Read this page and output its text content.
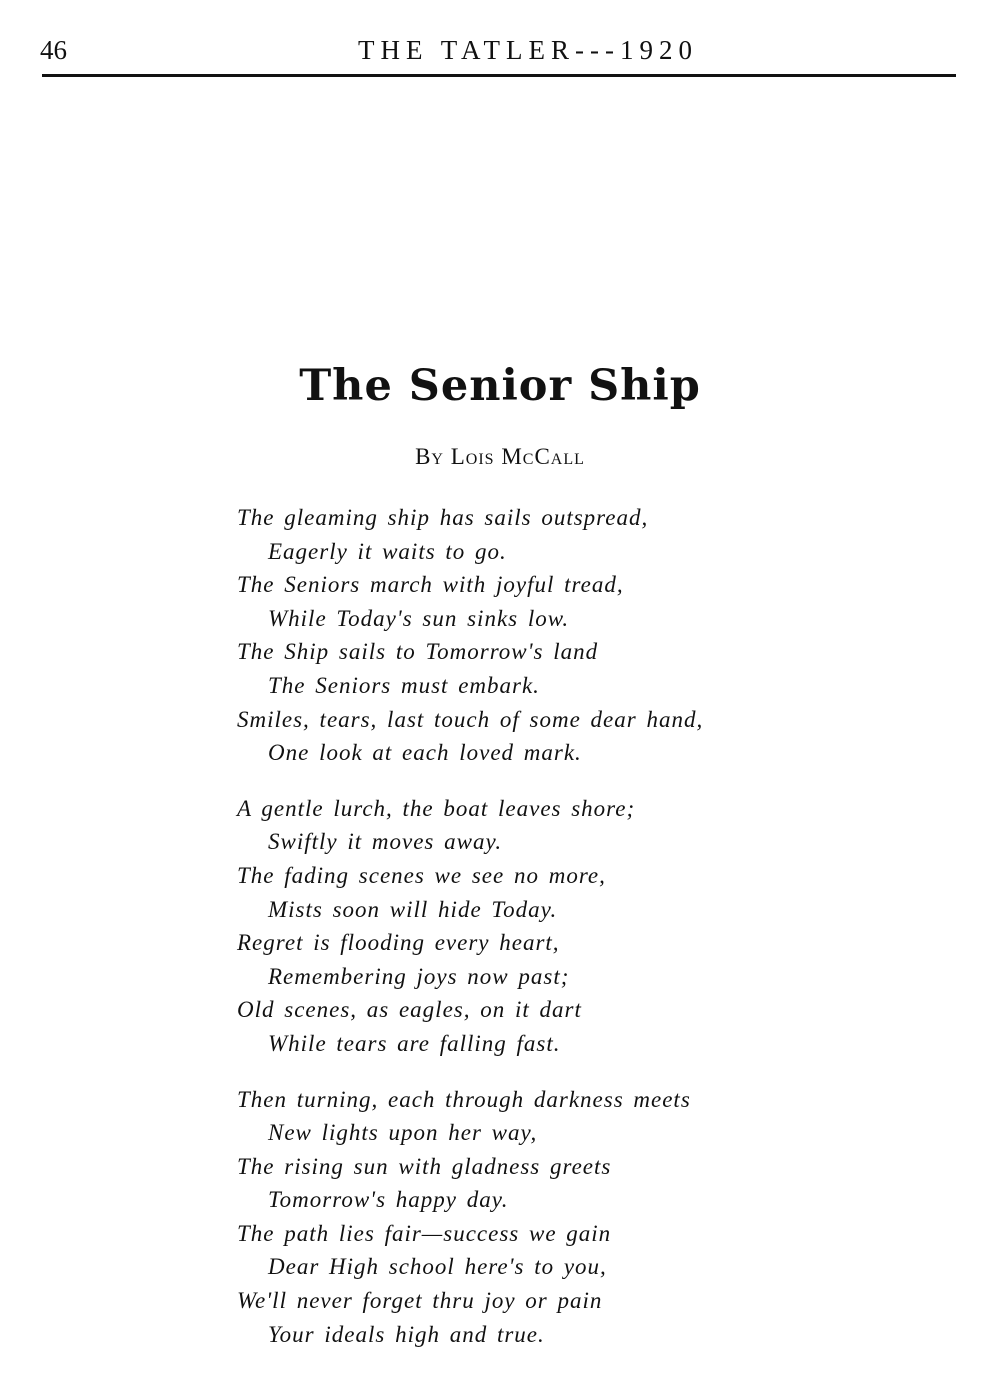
46	THE TATLER---1920
The Senior Ship
By Lois McCall
The gleaming ship has sails outspread,
Eagerly it waits to go.
The Seniors march with joyful tread,
While Today's sun sinks low.
The Ship sails to Tomorrow's land
The Seniors must embark.
Smiles, tears, last touch of some dear hand,
One look at each loved mark.
A gentle lurch, the boat leaves shore;
Swiftly it moves away.
The fading scenes we see no more,
Mists soon will hide Today.
Regret is flooding every heart,
Remembering joys now past;
Old scenes, as eagles, on it dart
While tears are falling fast.
Then turning, each through darkness meets
New lights upon her way,
The rising sun with gladness greets
Tomorrow's happy day.
The path lies fair—success we gain
Dear High school here's to you,
We'll never forget thru joy or pain
Your ideals high and true.
